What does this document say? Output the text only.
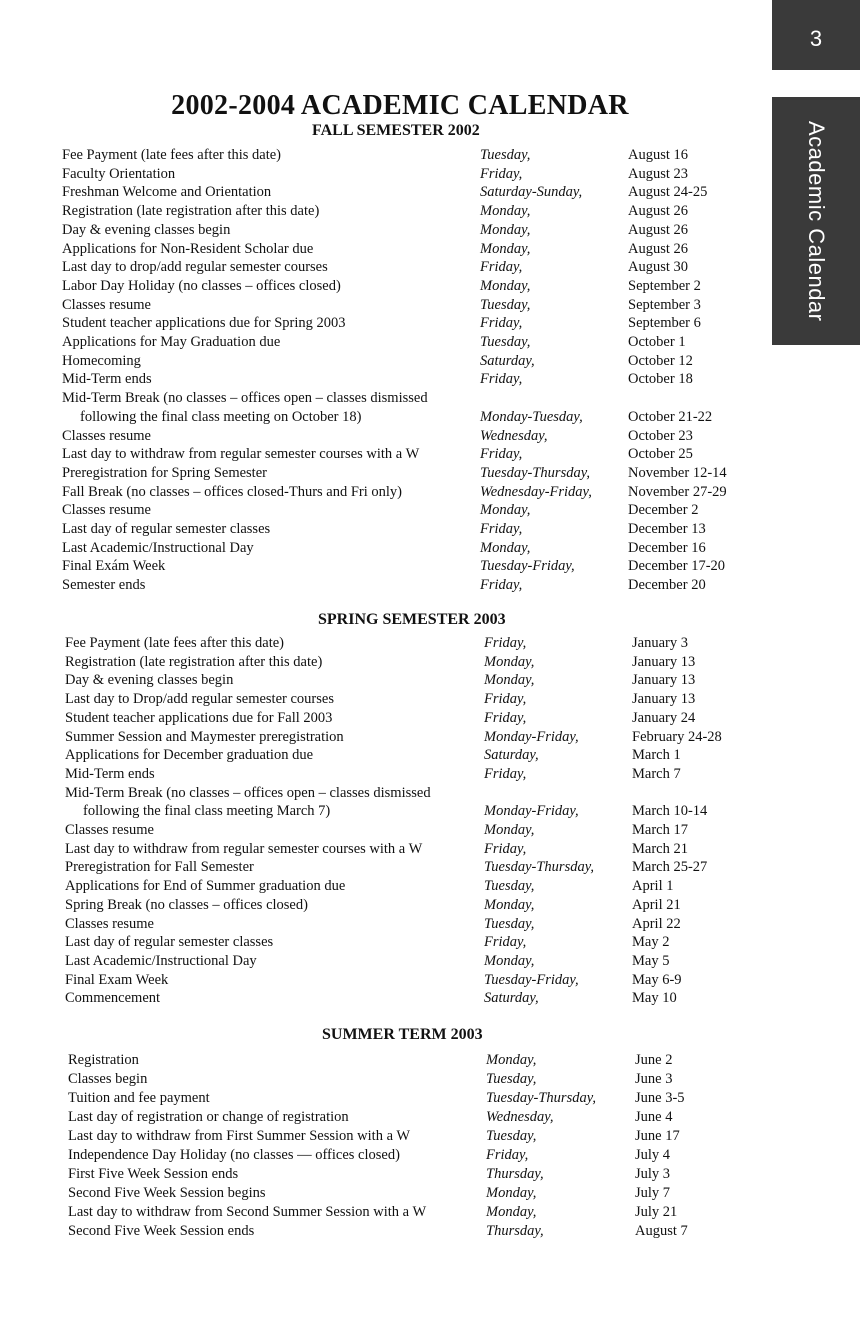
3
Academic Calendar
2002-2004 ACADEMIC CALENDAR
FALL SEMESTER 2002
Fee Payment (late fees after this date)	Tuesday,	August 16
Faculty Orientation	Friday,	August 23
Freshman Welcome and Orientation	Saturday-Sunday,	August 24-25
Registration (late registration after this date)	Monday,	August 26
Day & evening classes begin	Monday,	August 26
Applications for Non-Resident Scholar due	Monday,	August 26
Last day to drop/add regular semester courses	Friday,	August 30
Labor Day Holiday (no classes – offices closed)	Monday,	September 2
Classes resume	Tuesday,	September 3
Student teacher applications due for Spring 2003	Friday,	September 6
Applications for May Graduation due	Tuesday,	October 1
Homecoming	Saturday,	October 12
Mid-Term ends	Friday,	October 18
Mid-Term Break (no classes – offices open – classes dismissed
following the final class meeting on October 18)	Monday-Tuesday,	October 21-22
Classes resume	Wednesday,	October 23
Last day to withdraw from regular semester courses with a W	Friday,	October 25
Preregistration for Spring Semester	Tuesday-Thursday,	November 12-14
Fall Break (no classes – offices closed-Thurs and Fri only)	Wednesday-Friday, November 27-29
Classes resume	Monday,	December 2
Last day of regular semester classes	Friday,	December 13
Last Academic/Instructional Day	Monday,	December 16
Final Exám Week	Tuesday-Friday,	December 17-20
Semester ends	Friday,	December 20
SPRING SEMESTER 2003
Fee Payment (late fees after this date)	Friday,	January 3
Registration (late registration after this date)	Monday,	January 13
Day & evening classes begin	Monday,	January 13
Last day to Drop/add regular semester courses	Friday,	January 13
Student teacher applications due for Fall 2003	Friday,	January 24
Summer Session and Maymester preregistration	Monday-Friday,	February 24-28
Applications for December graduation due	Saturday,	March 1
Mid-Term ends	Friday,	March 7
Mid-Term Break (no classes – offices open – classes dismissed
following the final class meeting March 7)	Monday-Friday,	March 10-14
Classes resume	Monday,	March 17
Last day to withdraw from regular semester courses with a W	Friday,	March 21
Preregistration for Fall Semester	Tuesday-Thursday,	March 25-27
Applications for End of Summer graduation due	Tuesday,	April 1
Spring Break (no classes – offices closed)	Monday,	April 21
Classes resume	Tuesday,	April 22
Last day of regular semester classes	Friday,	May 2
Last Academic/Instructional Day	Monday,	May 5
Final Exam Week	Tuesday-Friday,	May 6-9
Commencement	Saturday,	May 10
SUMMER TERM 2003
Registration	Monday,	June 2
Classes begin	Tuesday,	June 3
Tuition and fee payment	Tuesday-Thursday,	June 3-5
Last day of registration or change of registration	Wednesday,	June 4
Last day to withdraw from First Summer Session with a W	Tuesday,	June 17
Independence Day Holiday (no classes — offices closed)	Friday,	July 4
First Five Week Session ends	Thursday,	July 3
Second Five Week Session begins	Monday,	July 7
Last day to withdraw from Second Summer Session with a W	Monday,	July 21
Second Five Week Session ends	Thursday,	August 7
